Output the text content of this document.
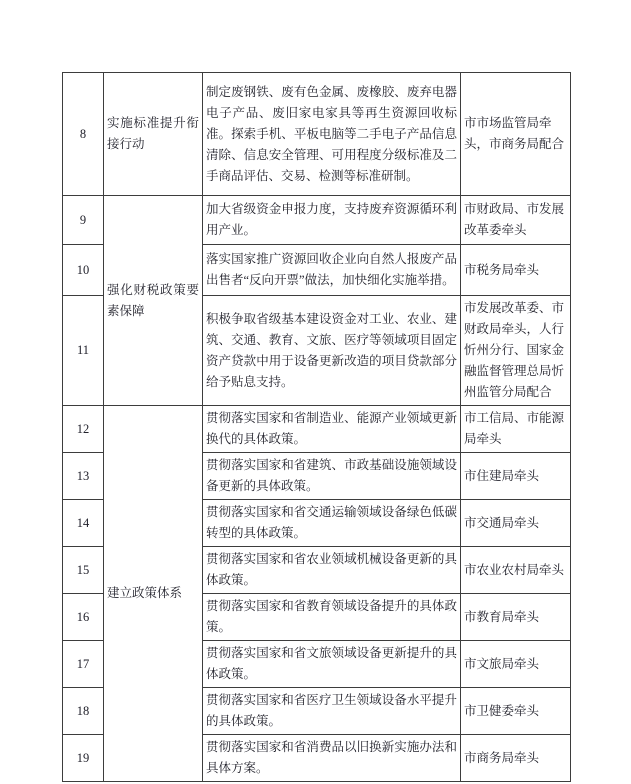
8	实施标准提升衔接行动	制定废钢铁、废有色金属、废橡胶、废弃电器电子产品、废旧家电家具等再生资源回收标准。探索手机、平板电脑等二手电子产品信息清除、信息安全管理、可用程度分级标准及二手商品评估、交易、检测等标准研制。	市市场监管局牵头，市商务局配合
9	强化财税政策要素保障	加大省级资金申报力度，支持废弃资源循环利用产业。	市财政局、市发展改革委牵头
10		落实国家推广资源回收企业向自然人报废产品出售者“反向开票”做法，加快细化实施举措。	市税务局牵头
11		积极争取省级基本建设资金对工业、农业、建筑、交通、教育、文旅、医疗等领域项目固定资产贷款中用于设备更新改造的项目贷款部分给予贴息支持。	市发展改革委、市财政局牵头，人行忻州分行、国家金融监督管理总局忻州监管分局配合
12	建立政策体系	贯彻落实国家和省制造业、能源产业领域更新换代的具体政策。	市工信局、市能源局牵头
13		贯彻落实国家和省建筑、市政基础设施领域设备更新的具体政策。	市住建局牵头
14		贯彻落实国家和省交通运输领域设备绿色低碳转型的具体政策。	市交通局牵头
15		贯彻落实国家和省农业领域机械设备更新的具体政策。	市农业农村局牵头
16		贯彻落实国家和省教育领域设备提升的具体政策。	市教育局牵头
17		贯彻落实国家和省文旅领域设备更新提升的具体政策。	市文旅局牵头
18		贯彻落实国家和省医疗卫生领域设备水平提升的具体政策。	市卫健委牵头
19		贯彻落实国家和省消费品以旧换新实施办法和具体方案。	市商务局牵头
